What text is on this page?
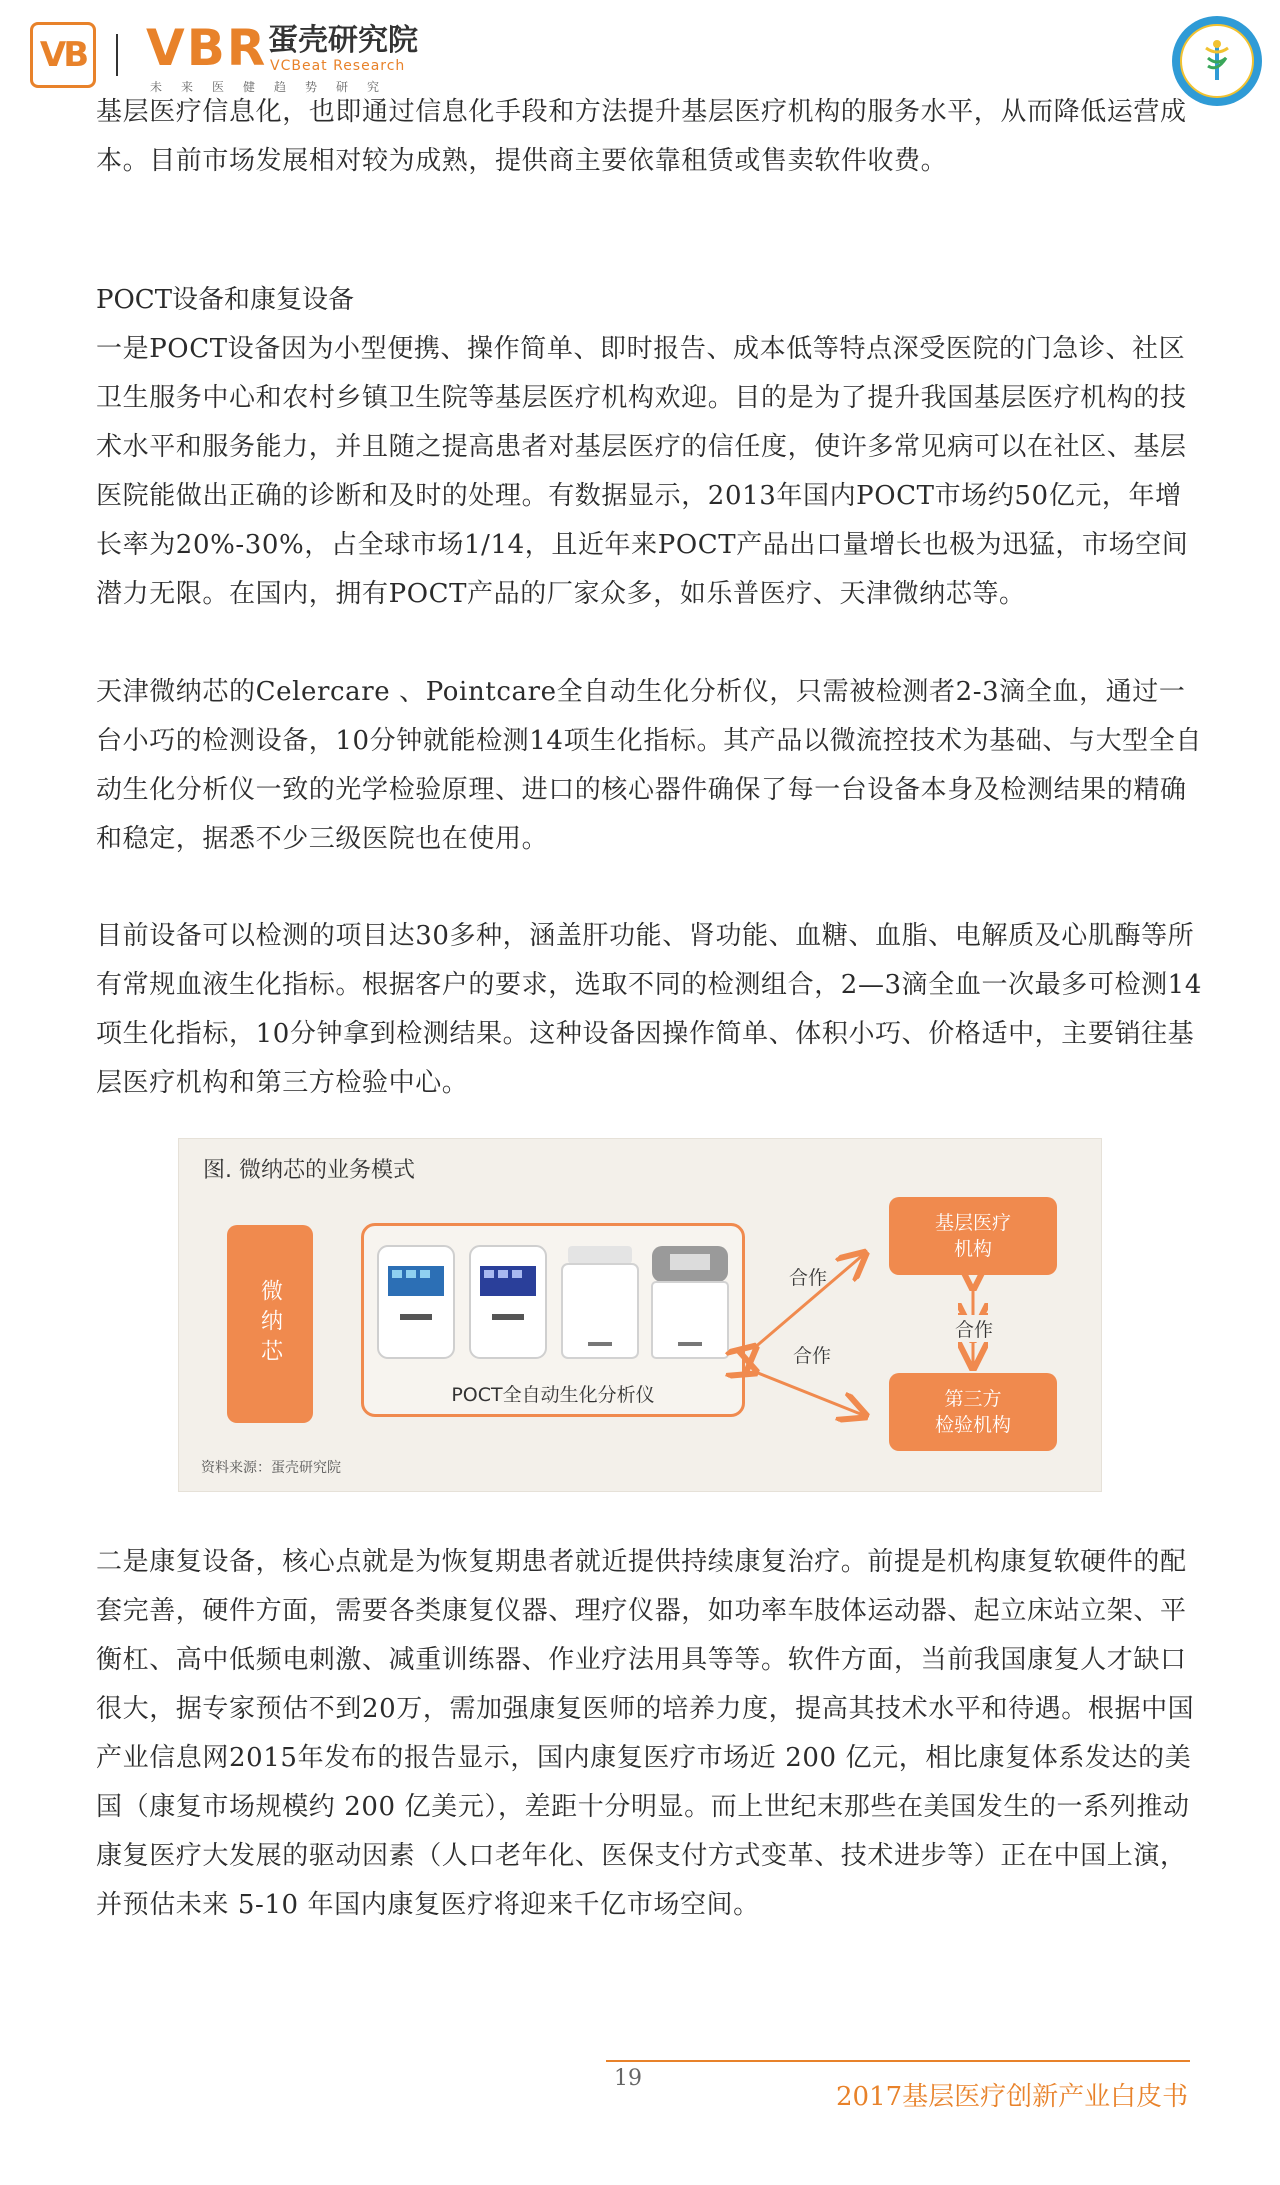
VB VBR 蛋壳研究院
VCBeat Research
未来医健趋势研究

基层医疗信息化，也即通过信息化手段和方法提升基层医疗机构的服务水平，从而降低运营成本。目前市场发展相对较为成熟，提供商主要依靠租赁或售卖软件收费。

POCT设备和康复设备

一是POCT设备因为小型便携、操作简单、即时报告、成本低等特点深受医院的门急诊、社区卫生服务中心和农村乡镇卫生院等基层医疗机构欢迎。目的是为了提升我国基层医疗机构的技术水平和服务能力，并且随之提高患者对基层医疗的信任度，使许多常见病可以在社区、基层医院能做出正确的诊断和及时的处理。有数据显示，2013年国内POCT市场约50亿元，年增长率为20%-30%，占全球市场1/14，且近年来POCT产品出口量增长也极为迅猛，市场空间潜力无限。在国内，拥有POCT产品的厂家众多，如乐普医疗、天津微纳芯等。

天津微纳芯的Celercare 、Pointcare全自动生化分析仪，只需被检测者2-3滴全血，通过一台小巧的检测设备，10分钟就能检测14项生化指标。其产品以微流控技术为基础、与大型全自动生化分析仪一致的光学检验原理、进口的核心器件确保了每一台设备本身及检测结果的精确和稳定，据悉不少三级医院也在使用。

目前设备可以检测的项目达30多种，涵盖肝功能、肾功能、血糖、血脂、电解质及心肌酶等所有常规血液生化指标。根据客户的要求，选取不同的检测组合，2—3滴全血一次最多可检测14项生化指标，10分钟拿到检测结果。这种设备因操作简单、体积小巧、价格适中，主要销往基层医疗机构和第三方检验中心。

图. 微纳芯的业务模式
微纳芯
POCT全自动生化分析仪
合作
合作
合作
基层医疗
机构
第三方
检验机构
资料来源：蛋壳研究院

二是康复设备，核心点就是为恢复期患者就近提供持续康复治疗。前提是机构康复软硬件的配套完善，硬件方面，需要各类康复仪器、理疗仪器，如功率车肢体运动器、起立床站立架、平衡杠、高中低频电刺激、减重训练器、作业疗法用具等等。软件方面，当前我国康复人才缺口很大，据专家预估不到20万，需加强康复医师的培养力度，提高其技术水平和待遇。根据中国产业信息网2015年发布的报告显示，国内康复医疗市场近 200 亿元，相比康复体系发达的美国（康复市场规模约 200 亿美元），差距十分明显。而上世纪末那些在美国发生的一系列推动康复医疗大发展的驱动因素（人口老年化、医保支付方式变革、技术进步等）正在中国上演，并预估未来 5-10 年国内康复医疗将迎来千亿市场空间。

19
2017基层医疗创新产业白皮书
